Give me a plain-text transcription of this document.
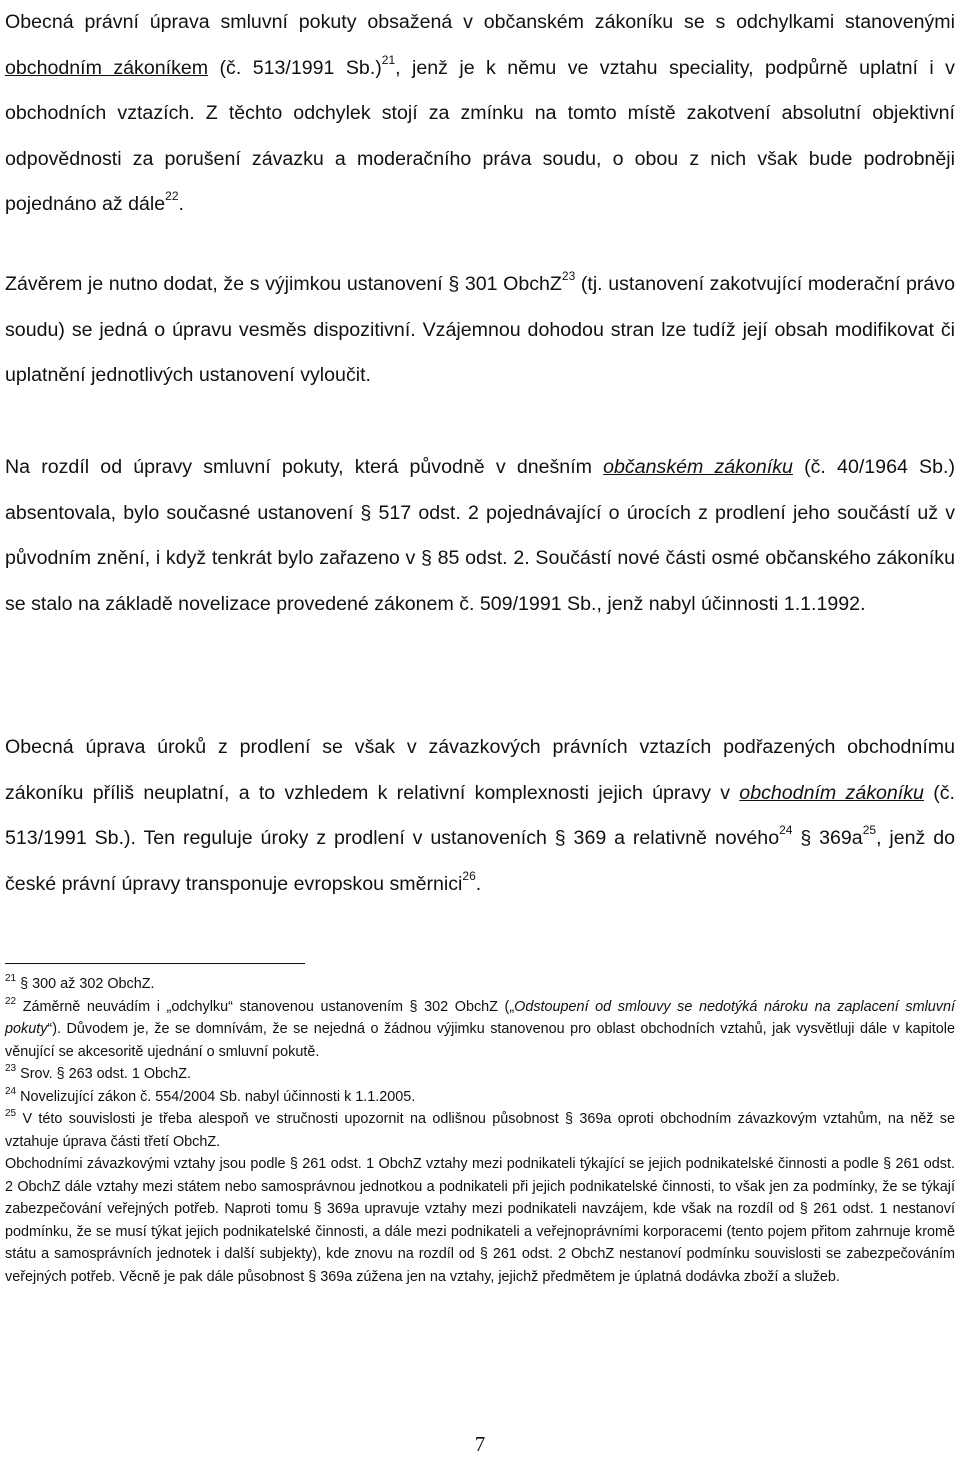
Obecná právní úprava smluvní pokuty obsažená v občanském zákoníku se s odchylkami stanovenými obchodním zákoníkem (č. 513/1991 Sb.)$^{21}$, jenž je k němu ve vztahu speciality, podpůrně uplatní i v obchodních vztazích. Z těchto odchylek stojí za zmínku na tomto místě zakotvení absolutní objektivní odpovědnosti za porušení závazku a moderačního práva soudu, o obou z nich však bude podrobněji pojednáno až dále$^{22}$.

Závěrem je nutno dodat, že s výjimkou ustanovení § 301 ObchZ$^{23}$ (tj. ustanovení zakotvující moderační právo soudu) se jedná o úpravu vesměs dispozitivní. Vzájemnou dohodou stran lze tudíž její obsah modifikovat či uplatnění jednotlivých ustanovení vyloučit.

Na rozdíl od úpravy smluvní pokuty, která původně v dnešním občanském zákoníku (č. 40/1964 Sb.) absentovala, bylo současné ustanovení § 517 odst. 2 pojednávající o úrocích z prodlení jeho součástí už v původním znění, i když tenkrát bylo zařazeno v § 85 odst. 2. Součástí nové části osmé občanského zákoníku se stalo na základě novelizace provedené zákonem č. 509/1991 Sb., jenž nabyl účinnosti 1.1.1992.

Obecná úprava úroků z prodlení se však v závazkových právních vztazích podřazených obchodnímu zákoníku příliš neuplatní, a to vzhledem k relativní komplexnosti jejich úpravy v obchodním zákoníku (č. 513/1991 Sb.). Ten reguluje úroky z prodlení v ustanoveních § 369 a relativně nového$^{24}$ § $369a^{25}$, jenž do české právní úpravy transponuje evropskou směrnici$^{26}$.

$^{21}$ § 300 až 302 ObchZ.

$^{22}$ Záměrně neuvádím i „odchylku“ stanovenou ustanovením § 302 ObchZ („Odstoupení od smlouvy se nedotýká nároku na zaplacení smluvní pokuty“). Důvodem je, že se domnívám, že se nejedná o žádnou výjimku stanovenou pro oblast obchodních vztahů, jak vysvětluji dále v kapitole věnující se akcesoritě ujednání o smluvní pokutě.

$^{23}$ Srov. § 263 odst. 1 ObchZ.

$^{24}$ Novelizující zákon č. 554/2004 Sb. nabyl účinnosti k 1.1.2005.

$^{25}$ V této souvislosti je třeba alespoň ve stručnosti upozornit na odlišnou působnost § 369a oproti obchodním závazkovým vztahům, na něž se vztahuje úprava části třetí ObchZ.

Obchodními závazkovými vztahy jsou podle § 261 odst. 1 ObchZ vztahy mezi podnikateli týkající se jejich podnikatelské činnosti a podle § 261 odst. 2 ObchZ dále vztahy mezi státem nebo samosprávnou jednotkou a podnikateli při jejich podnikatelské činnosti, to však jen za podmínky, že se týkají zabezpečování veřejných potřeb. Naproti tomu § 369a upravuje vztahy mezi podnikateli navzájem, kde však na rozdíl od § 261 odst. 1 nestanoví podmínku, že se musí týkat jejich podnikatelské činnosti, a dále mezi podnikateli a veřejnoprávními korporacemi (tento pojem přitom zahrnuje kromě státu a samosprávních jednotek i další subjekty), kde znovu na rozdíl od § 261 odst. 2 ObchZ nestanoví podmínku souvislosti se zabezpečováním veřejných potřeb. Věcně je pak dále působnost § 369a zúžena jen na vztahy, jejichž předmětem je úplatná dodávka zboží a služeb.

7
